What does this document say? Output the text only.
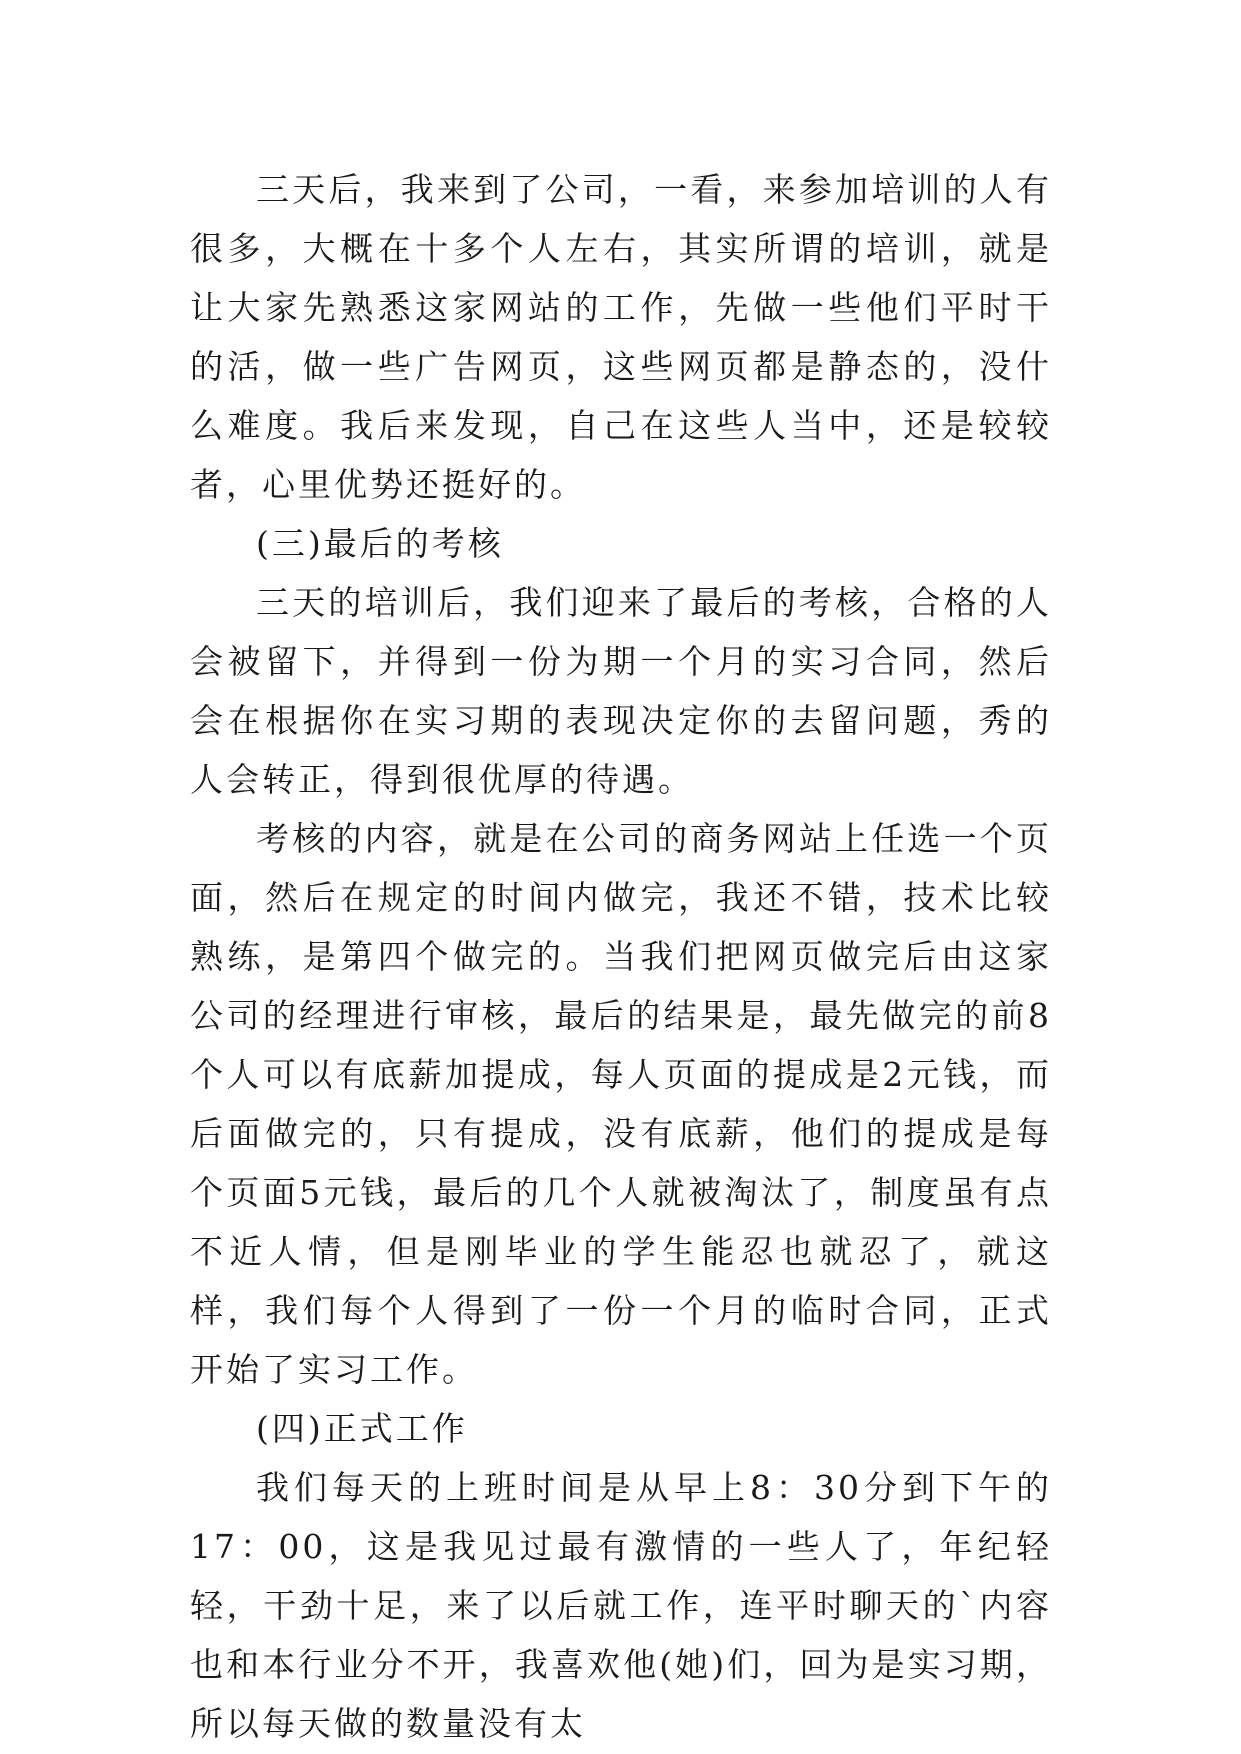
三天后，我来到了公司，一看，来参加培训的人有很多，大概在十多个人左右，其实所谓的培训，就是让大家先熟悉这家网站的工作，先做一些他们平时干的活，做一些广告网页，这些网页都是静态的，没什么难度。我后来发现，自己在这些人当中，还是较较者，心里优势还挺好的。

(三)最后的考核

三天的培训后，我们迎来了最后的考核，合格的人会被留下，并得到一份为期一个月的实习合同，然后会在根据你在实习期的表现决定你的去留问题，秀的人会转正，得到很优厚的待遇。

考核的内容，就是在公司的商务网站上任选一个页面，然后在规定的时间内做完，我还不错，技术比较熟练，是第四个做完的。当我们把网页做完后由这家公司的经理进行审核，最后的结果是，最先做完的前8个人可以有底薪加提成，每人页面的提成是2元钱，而后面做完的，只有提成，没有底薪，他们的提成是每个页面5元钱，最后的几个人就被淘汰了，制度虽有点不近人情，但是刚毕业的学生能忍也就忍了，就这样，我们每个人得到了一份一个月的临时合同，正式开始了实习工作。

(四)正式工作

我们每天的上班时间是从早上8：30分到下午的17：00，这是我见过最有激情的一些人了，年纪轻轻，干劲十足，来了以后就工作，连平时聊天的`内容也和本行业分不开，我喜欢他(她)们，回为是实习期，所以每天做的数量没有太
